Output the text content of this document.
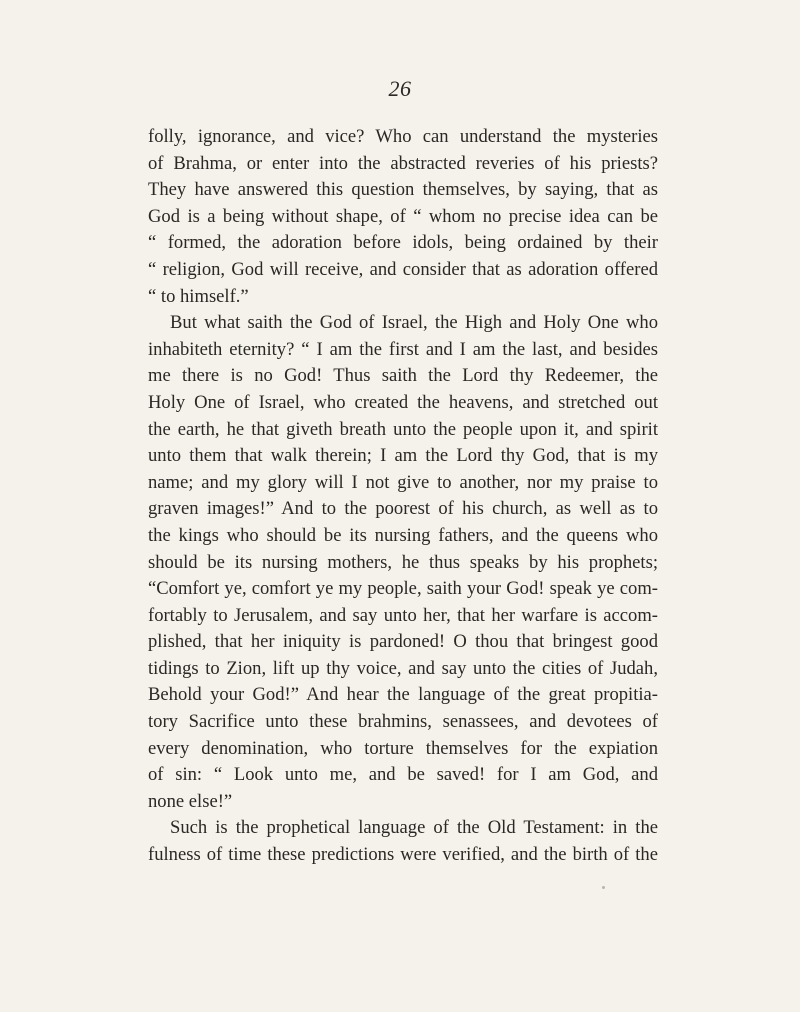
26
folly, ignorance, and vice? Who can understand the mysteries
of Brahma, or enter into the abstracted reveries of his priests?
They have answered this question themselves, by saying, that as
God is a being without shape, of “ whom no precise idea can be
“ formed, the adoration before idols, being ordained by their
“ religion, God will receive, and consider that as adoration offered
“ to himself.”
But what saith the God of Israel, the High and Holy One who
inhabiteth eternity? “ I am the first and I am the last, and besides
me there is no God! Thus saith the Lord thy Redeemer, the
Holy One of Israel, who created the heavens, and stretched out
the earth, he that giveth breath unto the people upon it, and spirit
unto them that walk therein; I am the Lord thy God, that is my
name; and my glory will I not give to another, nor my praise to
graven images!” And to the poorest of his church, as well as to
the kings who should be its nursing fathers, and the queens who
should be its nursing mothers, he thus speaks by his prophets;
“Comfort ye, comfort ye my people, saith your God! speak ye com-
fortably to Jerusalem, and say unto her, that her warfare is accom-
plished, that her iniquity is pardoned! O thou that bringest good
tidings to Zion, lift up thy voice, and say unto the cities of Judah,
Behold your God!” And hear the language of the great propitia-
tory Sacrifice unto these brahmins, senassees, and devotees of
every denomination, who torture themselves for the expiation
of sin: “ Look unto me, and be saved! for I am God, and
none else!”
Such is the prophetical language of the Old Testament: in the
fulness of time these predictions were verified, and the birth of the
